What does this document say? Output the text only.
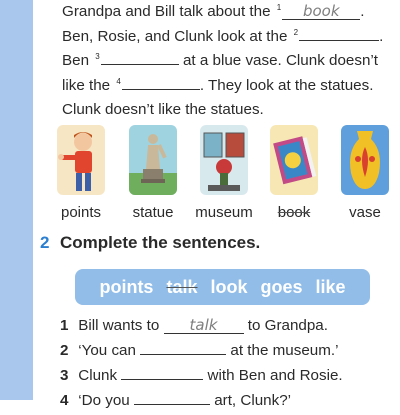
Grandpa and Bill talk about the $^1$ book .
Ben, Rosie, and Clunk look at the $^2$	.
Ben $^3$	at a blue vase. Clunk doesn’t
like the $^4$	. They look at the statues.
Clunk doesn’t like the statues.
points	statue	museum	book	vase
2 Complete the sentences.
points talk look goes like
1 Bill wants to talk to Grandpa.
2 ‘You can	at the museum.’
3 Clunk	with Ben and Rosie.
4 ‘Do you	art, Clunk?’
